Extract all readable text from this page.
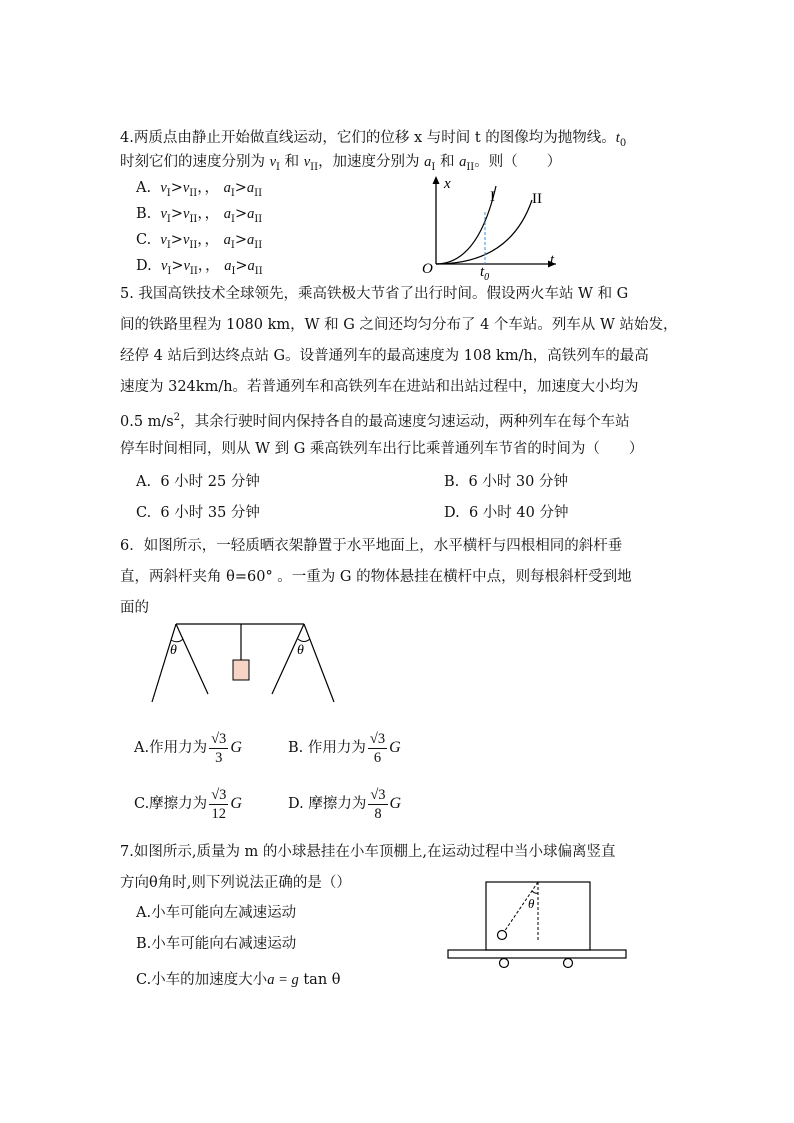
4.两质点由静止开始做直线运动，它们的位移 x 与时间 t 的图像均为抛物线。$t_0$
时刻它们的速度分别为 $v_I$ 和 $v_{II}$，加速度分别为 $a_I$ 和 $a_{II}$。则（　　）
A. $v_I>v_{II}$，， $a_I>a_{II}$
B. $v_I>v_{II}$，， $a_I>a_{II}$
C. $v_I>v_{II}$，， $a_I>a_{II}$
D. $v_I>v_{II}$，， $a_I>a_{II}$
x
t
O
I II
$t_0$
5. 我国高铁技术全球领先，乘高铁极大节省了出行时间。假设两火车站 W 和 G
间的铁路里程为 1080 km，W 和 G 之间还均匀分布了 4 个车站。列车从 W 站始发，
经停 4 站后到达终点站 G。设普通列车的最高速度为 108 km/h，高铁列车的最高
速度为 324km/h。若普通列车和高铁列车在进站和出站过程中，加速度大小均为
0.5 $m/s^2$，其余行驶时间内保持各自的最高速度匀速运动，两种列车在每个车站
停车时间相同，则从 W 到 G 乘高铁列车出行比乘普通列车节省的时间为（　　）
A. 6 小时 25 分钟	B. 6 小时 30 分钟
C. 6 小时 35 分钟	D. 6 小时 40 分钟
6．如图所示，一轻质晒衣架静置于水平地面上，水平横杆与四根相同的斜杆垂
直，两斜杆夹角 θ=60° 。一重为 G 的物体悬挂在横杆中点，则每根斜杆受到地
面的
θ	θ
A.作用力为 $\frac{√3}{3}$ G	B. 作用力为 $\frac{√3}{6}$ G
C.摩擦力为 $\frac{√3}{12}$ G	D. 摩擦力为 $\frac{√3}{8}$ G
7.如图所示,质量为 m 的小球悬挂在小车顶棚上,在运动过程中当小球偏离竖直
方向θ角时,则下列说法正确的是（）
A.小车可能向左减速运动
B.小车可能向右减速运动
C.小车的加速度大小a = g tan θ
θ
